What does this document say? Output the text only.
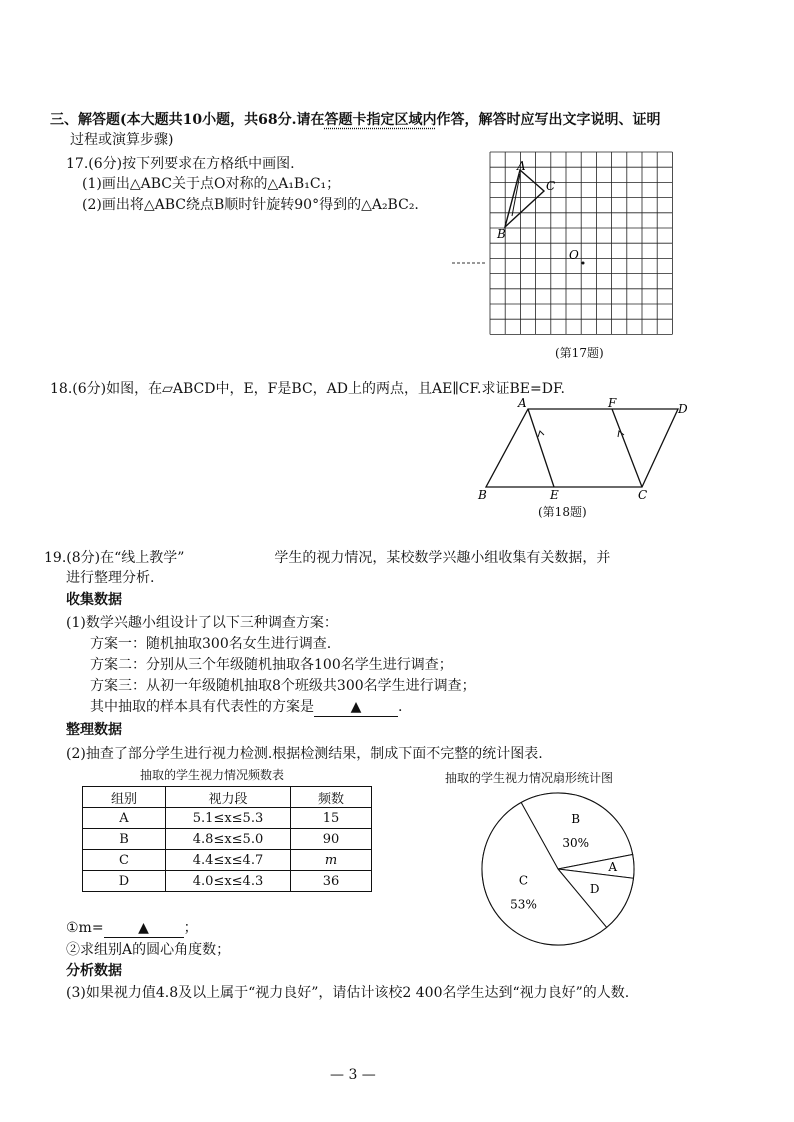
三、解答题(本大题共10小题，共68分.请在答题卡指定区域内作答，解答时应写出文字说明、证明
过程或演算步骤)
17.(6分)按下列要求在方格纸中画图.
(1)画出△ABC关于点O对称的△A₁B₁C₁；
(2)画出将△ABC绕点B顺时针旋转90°得到的△A₂BC₂.
A
C
B
O
(第17题)
18.(6分)如图，在▱ABCD中，E，F是BC，AD上的两点，且AE∥CF.求证BE=DF.
A	F	D
B	E	C
(第18题)
19.(8分)在“线上教学”	学生的视力情况，某校数学兴趣小组收集有关数据，并
进行整理分析.
收集数据
(1)数学兴趣小组设计了以下三种调查方案：
方案一：随机抽取300名女生进行调查.
方案二：分别从三个年级随机抽取各100名学生进行调查；
方案三：从初一年级随机抽取8个班级共300名学生进行调查；
其中抽取的样本具有代表性的方案是	▲	.
整理数据
(2)抽查了部分学生进行视力检测.根据检测结果，制成下面不完整的统计图表.
抽取的学生视力情况频数表
组别	视力段	频数
A	5.1≤x≤5.3	15
B	4.8≤x≤5.0	90
C	4.4≤x≤4.7	m
D	4.0≤x≤4.3	36
抽取的学生视力情况扇形统计图
B
30%
A
D
C
53%
①m= ▲ ；
②求组别A的圆心角度数；
分析数据
(3)如果视力值4.8及以上属于“视力良好”，请估计该校2 400名学生达到“视力良好”的人数.
— 3 —
